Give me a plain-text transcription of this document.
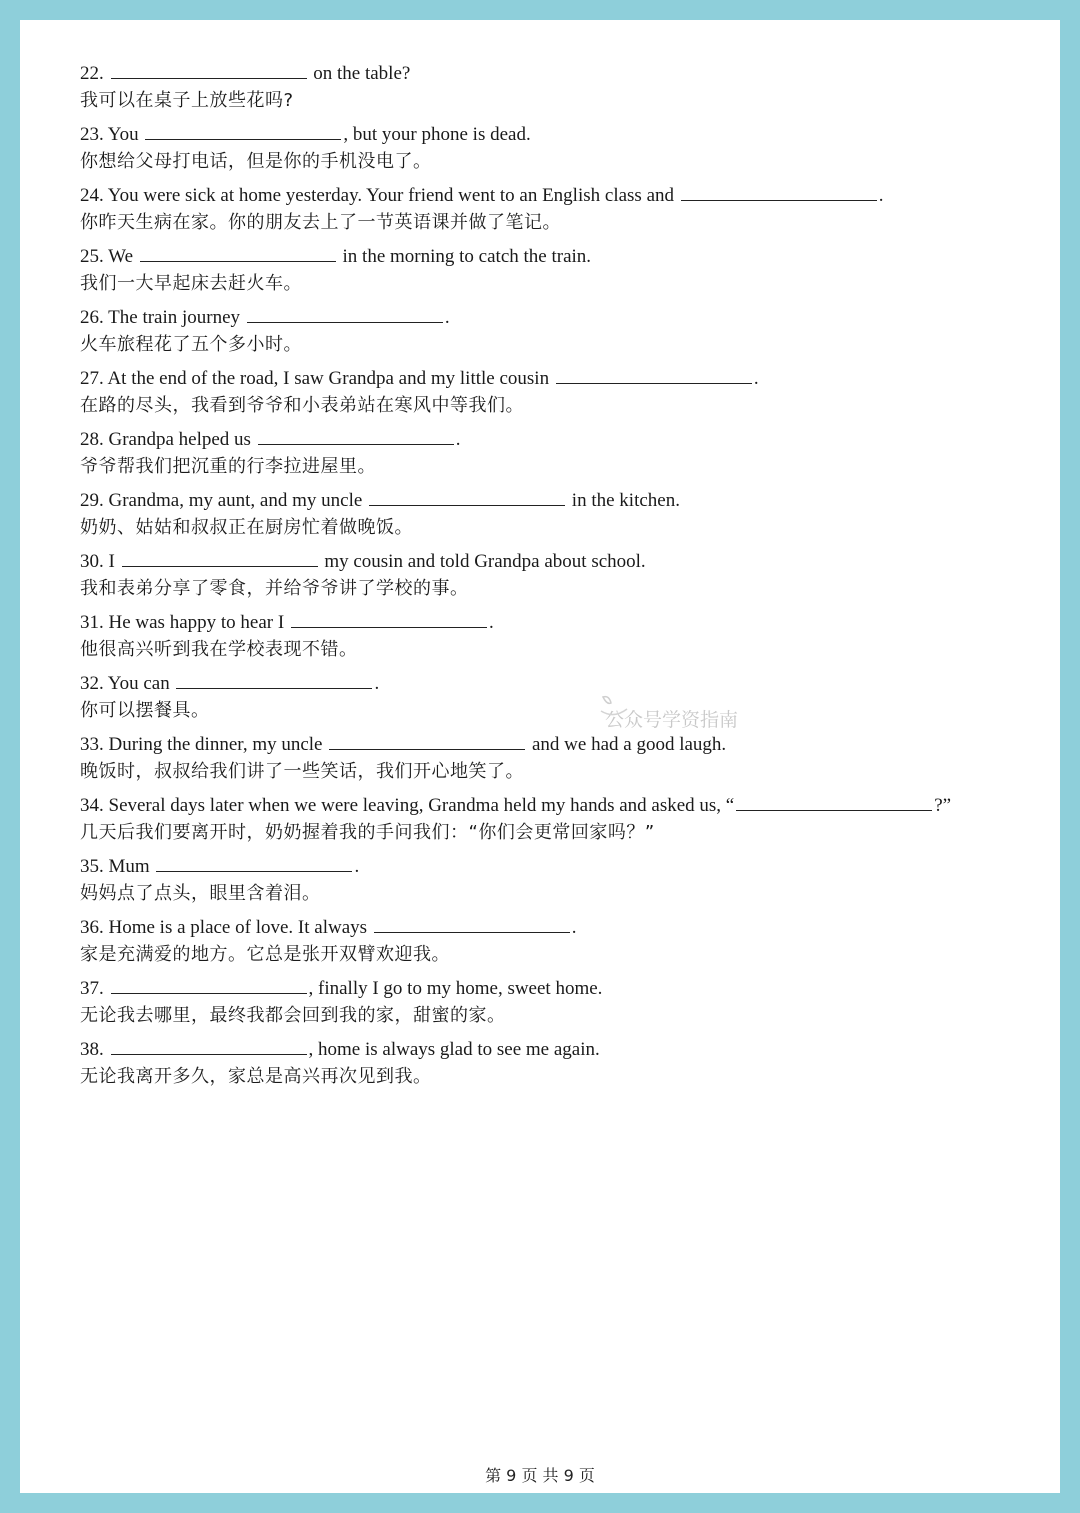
22.	on the table?
我可以在桌子上放些花吗?
23. You	, but your phone is dead.
你想给父母打电话，但是你的手机没电了。
24. You were sick at home yesterday. Your friend went to an English class and	.
你昨天生病在家。你的朋友去上了一节英语课并做了笔记。
25. We	in the morning to catch the train.
我们一大早起床去赶火车。
26. The train journey	.
火车旅程花了五个多小时。
27. At the end of the road, I saw Grandpa and my little cousin	.
在路的尽头，我看到爷爷和小表弟站在寒风中等我们。
28. Grandpa helped us	.
爷爷帮我们把沉重的行李拉进屋里。
29. Grandma, my aunt, and my uncle	in the kitchen.
奶奶、姑姑和叔叔正在厨房忙着做晚饭。
30. I	my cousin and told Grandpa about school.
我和表弟分享了零食，并给爷爷讲了学校的事。
31. He was happy to hear I	.
他很高兴听到我在学校表现不错。
32. You can	.
你可以摆餐具。
33. During the dinner, my uncle	and we had a good laugh.
晚饭时，叔叔给我们讲了一些笑话，我们开心地笑了。
34. Several days later when we were leaving, Grandma held my hands and asked us, “	?”
几天后我们要离开时，奶奶握着我的手问我们：“你们会更常回家吗？”
35. Mum	.
妈妈点了点头，眼里含着泪。
36. Home is a place of love. It always	.
家是充满爱的地方。它总是张开双臂欢迎我。
37.	, finally I go to my home, sweet home.
无论我去哪里，最终我都会回到我的家，甜蜜的家。
38.	, home is always glad to see me again.
无论我离开多久，家总是高兴再次见到我。
公众号学资指南
第 9 页 共 9 页
